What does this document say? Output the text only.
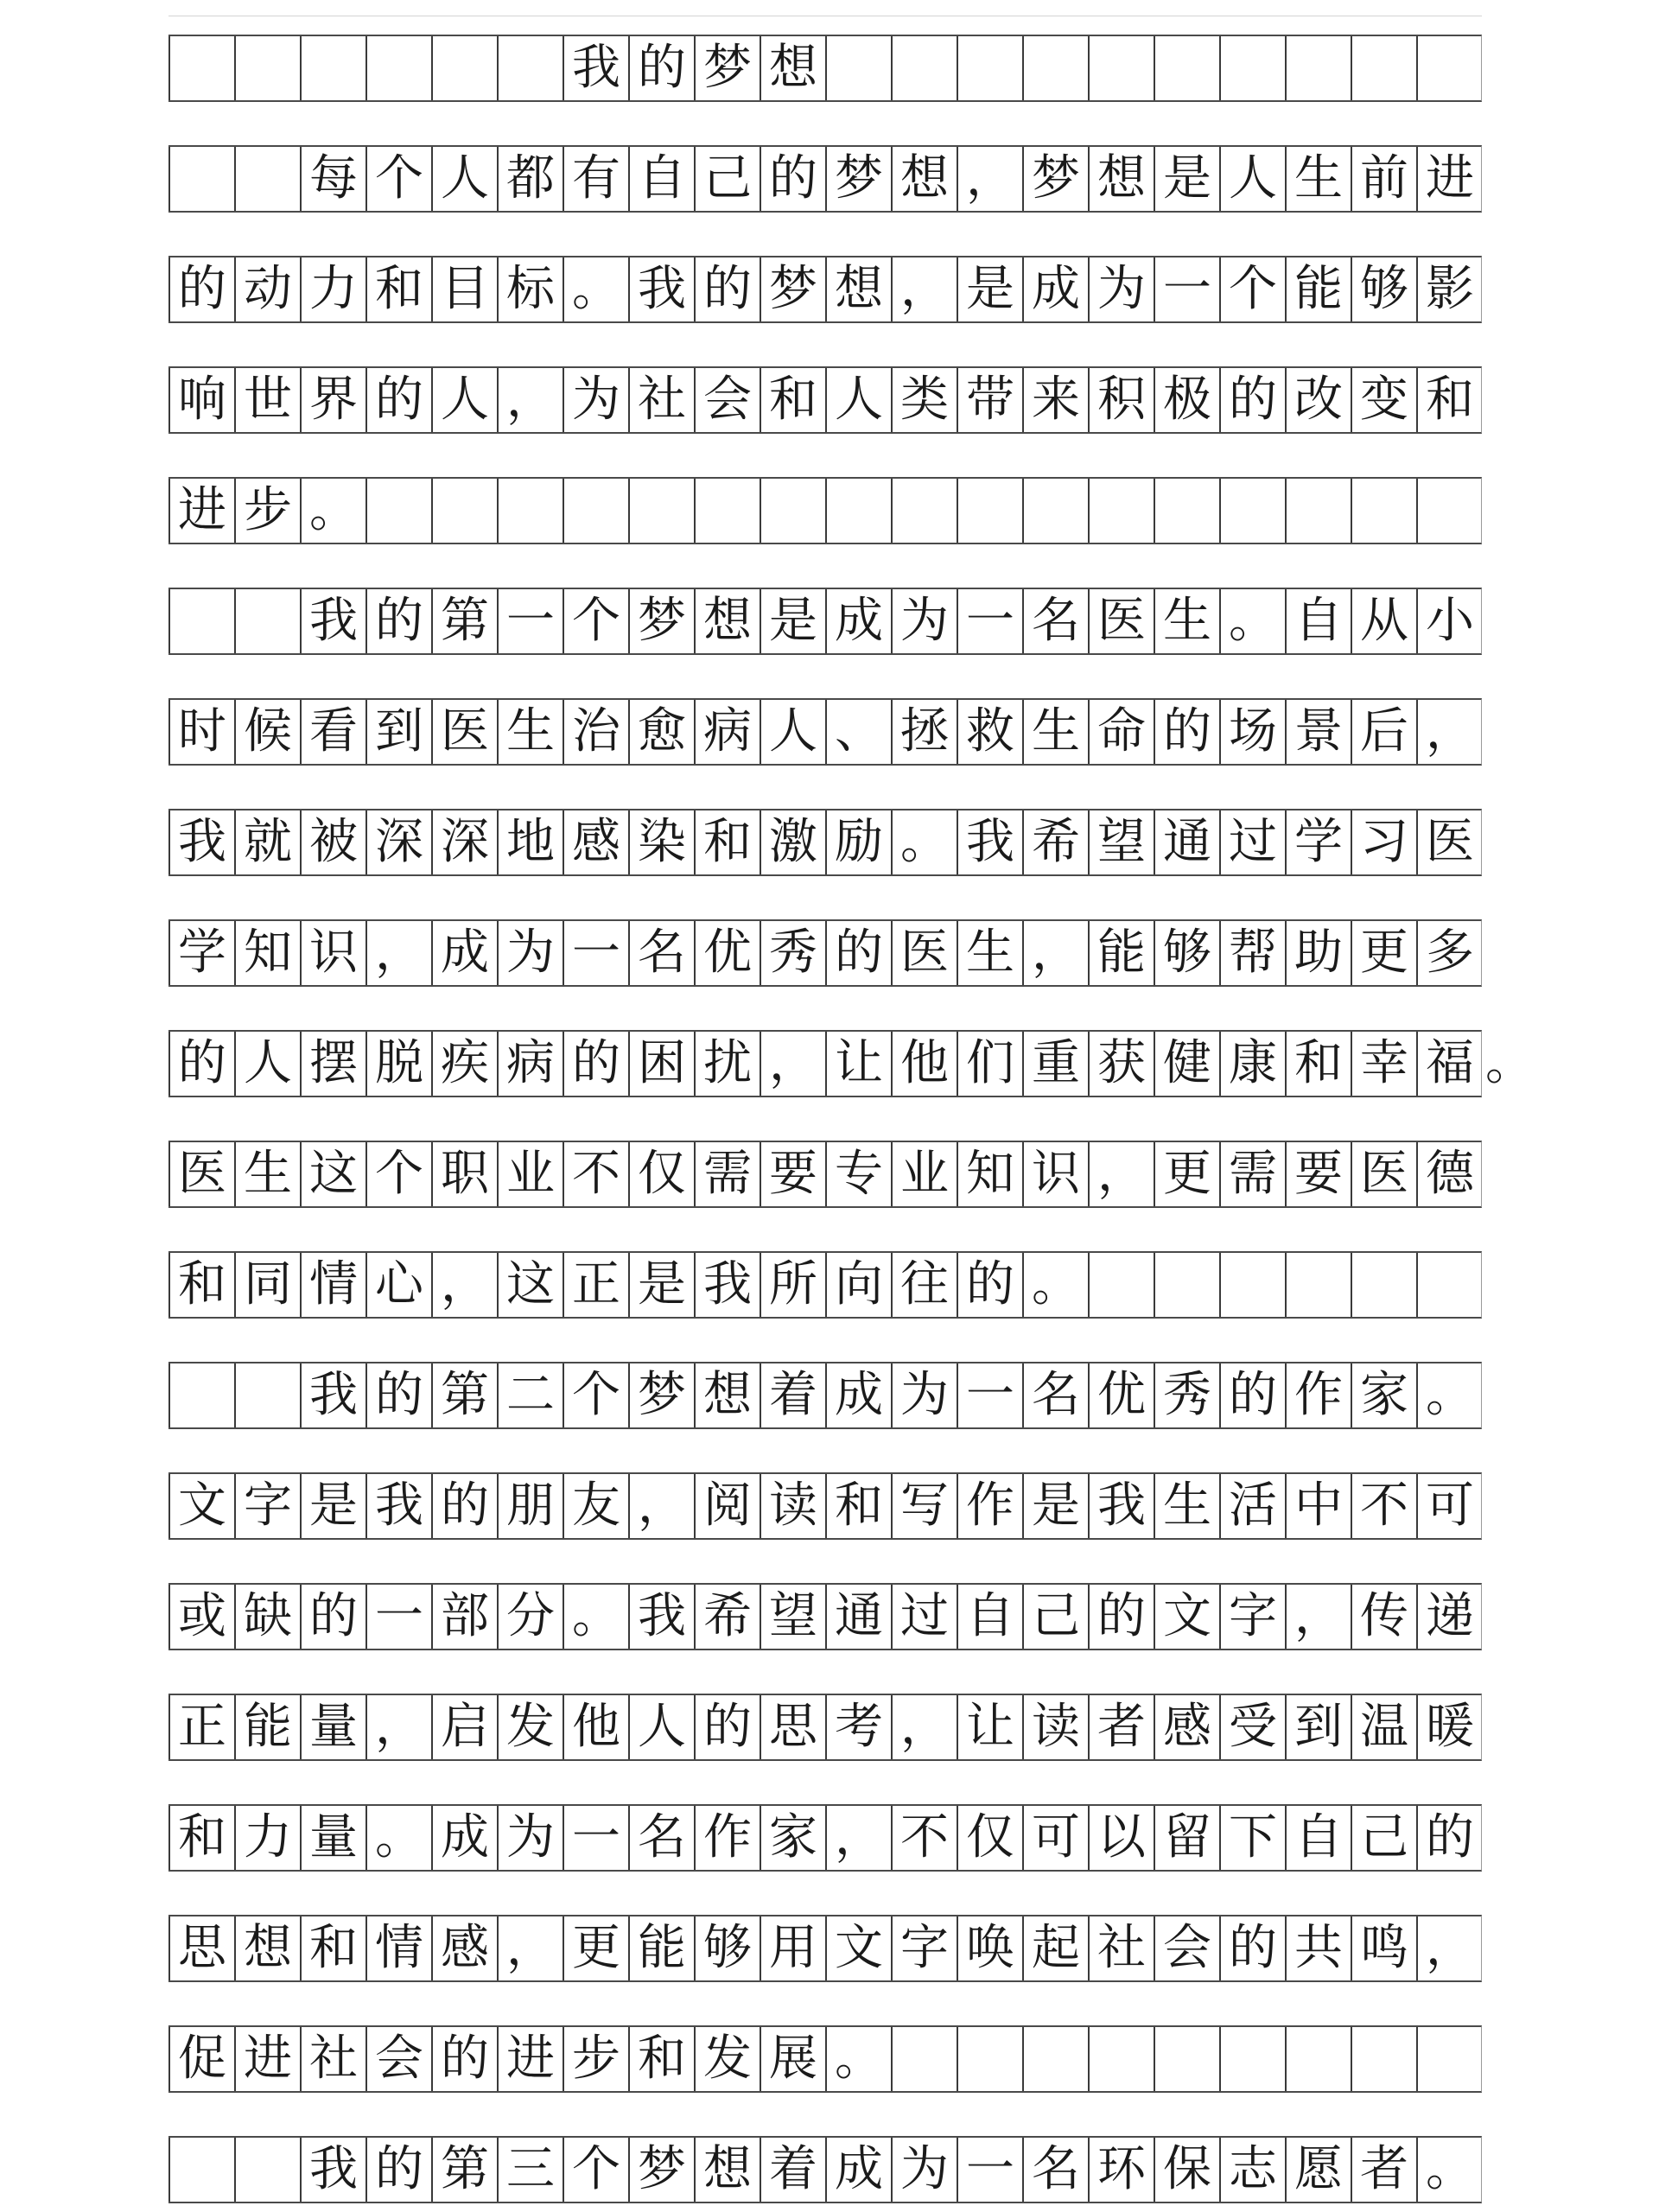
我 的 梦 想
每 个 人 都 有 自 己 的 梦 想 ， 梦 想 是 人 生 前 进
的 动 力 和 目 标 。 我 的 梦 想 ， 是 成 为 一 个 能 够 影
响 世 界 的 人 ， 为 社 会 和 人 类 带 来 积 极 的 改 变 和
进 步 。
我 的 第 一 个 梦 想 是 成 为 一 名 医 生 。 自 从 小
时 候 看 到 医 生 治 愈 病 人 、 拯 救 生 命 的 场 景 后 ，
我 就 被 深 深 地 感 染 和 激 励 。 我 希 望 通 过 学 习 医
学 知 识 ， 成 为 一 名 优 秀 的 医 生 ， 能 够 帮 助 更 多
的 人 摆 脱 疾 病 的 困 扰 ， 让 他 们 重 获 健 康 和 幸 福 。
医 生 这 个 职 业 不 仅 需 要 专 业 知 识 ， 更 需 要 医 德
和 同 情 心 ， 这 正 是 我 所 向 往 的 。
我 的 第 二 个 梦 想 着 成 为 一 名 优 秀 的 作 家 。
文 字 是 我 的 朋 友 ， 阅 读 和 写 作 是 我 生 活 中 不 可
或 缺 的 一 部 分 。 我 希 望 通 过 自 己 的 文 字 ， 传 递
正 能 量 ， 启 发 他 人 的 思 考 ， 让 读 者 感 受 到 温 暖
和 力 量 。 成 为 一 名 作 家 ， 不 仅 可 以 留 下 自 己 的
思 想 和 情 感 ， 更 能 够 用 文 字 唤 起 社 会 的 共 鸣 ，
促 进 社 会 的 进 步 和 发 展 。
我 的 第 三 个 梦 想 着 成 为 一 名 环 保 志 愿 者 。
